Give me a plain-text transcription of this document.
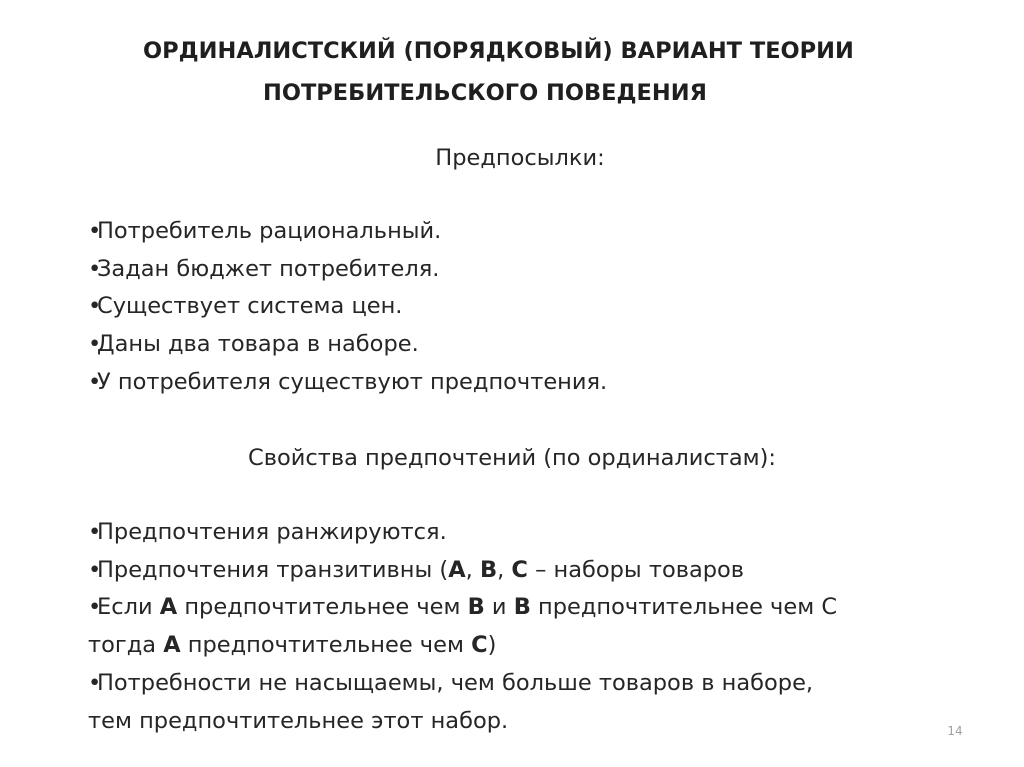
ОРДИНАЛИСТСКИЙ (ПОРЯДКОВЫЙ) ВАРИАНТ ТЕОРИИ
ПОТРЕБИТЕЛЬСКОГО ПОВЕДЕНИЯ

Предпосылки:

• Потребитель рациональный.
• Задан бюджет потребителя.
• Существует система цен.
• Даны два товара в наборе.
• У потребителя существуют предпочтения.

Свойства предпочтений (по ординалистам):

• Предпочтения ранжируются.
• Предпочтения транзитивны (А, В, С – наборы товаров
• Если А предпочтительнее чем В и В предпочтительнее чем С
тогда А предпочтительнее чем С)
• Потребности не насыщаемы, чем больше товаров в наборе,
тем предпочтительнее этот набор.	14
